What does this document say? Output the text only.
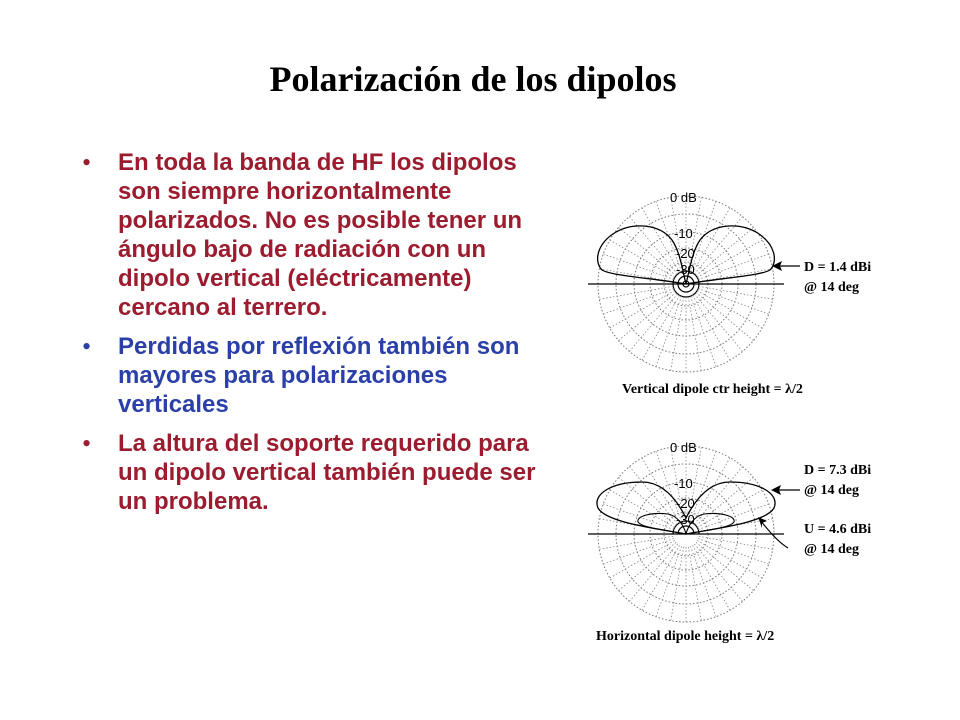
Polarización de los dipolos
• En toda la banda de HF los dipolos son siempre horizontalmente polarizados. No es posible tener un ángulo bajo de radiación con un dipolo vertical (eléctricamente) cercano al terrero.
• Perdidas por reflexión también son mayores para polarizaciones verticales
• La altura del soporte requerido para un dipolo vertical también puede ser un problema.
0 dB
-10
-20
-30	D = 1.4 dBi
@ 14 deg
Vertical dipole ctr height = λ/2
0 dB
-10
-20
-30
D = 7.3 dBi
@ 14 deg
U = 4.6 dBi
@ 14 deg
Horizontal dipole height = λ/2
